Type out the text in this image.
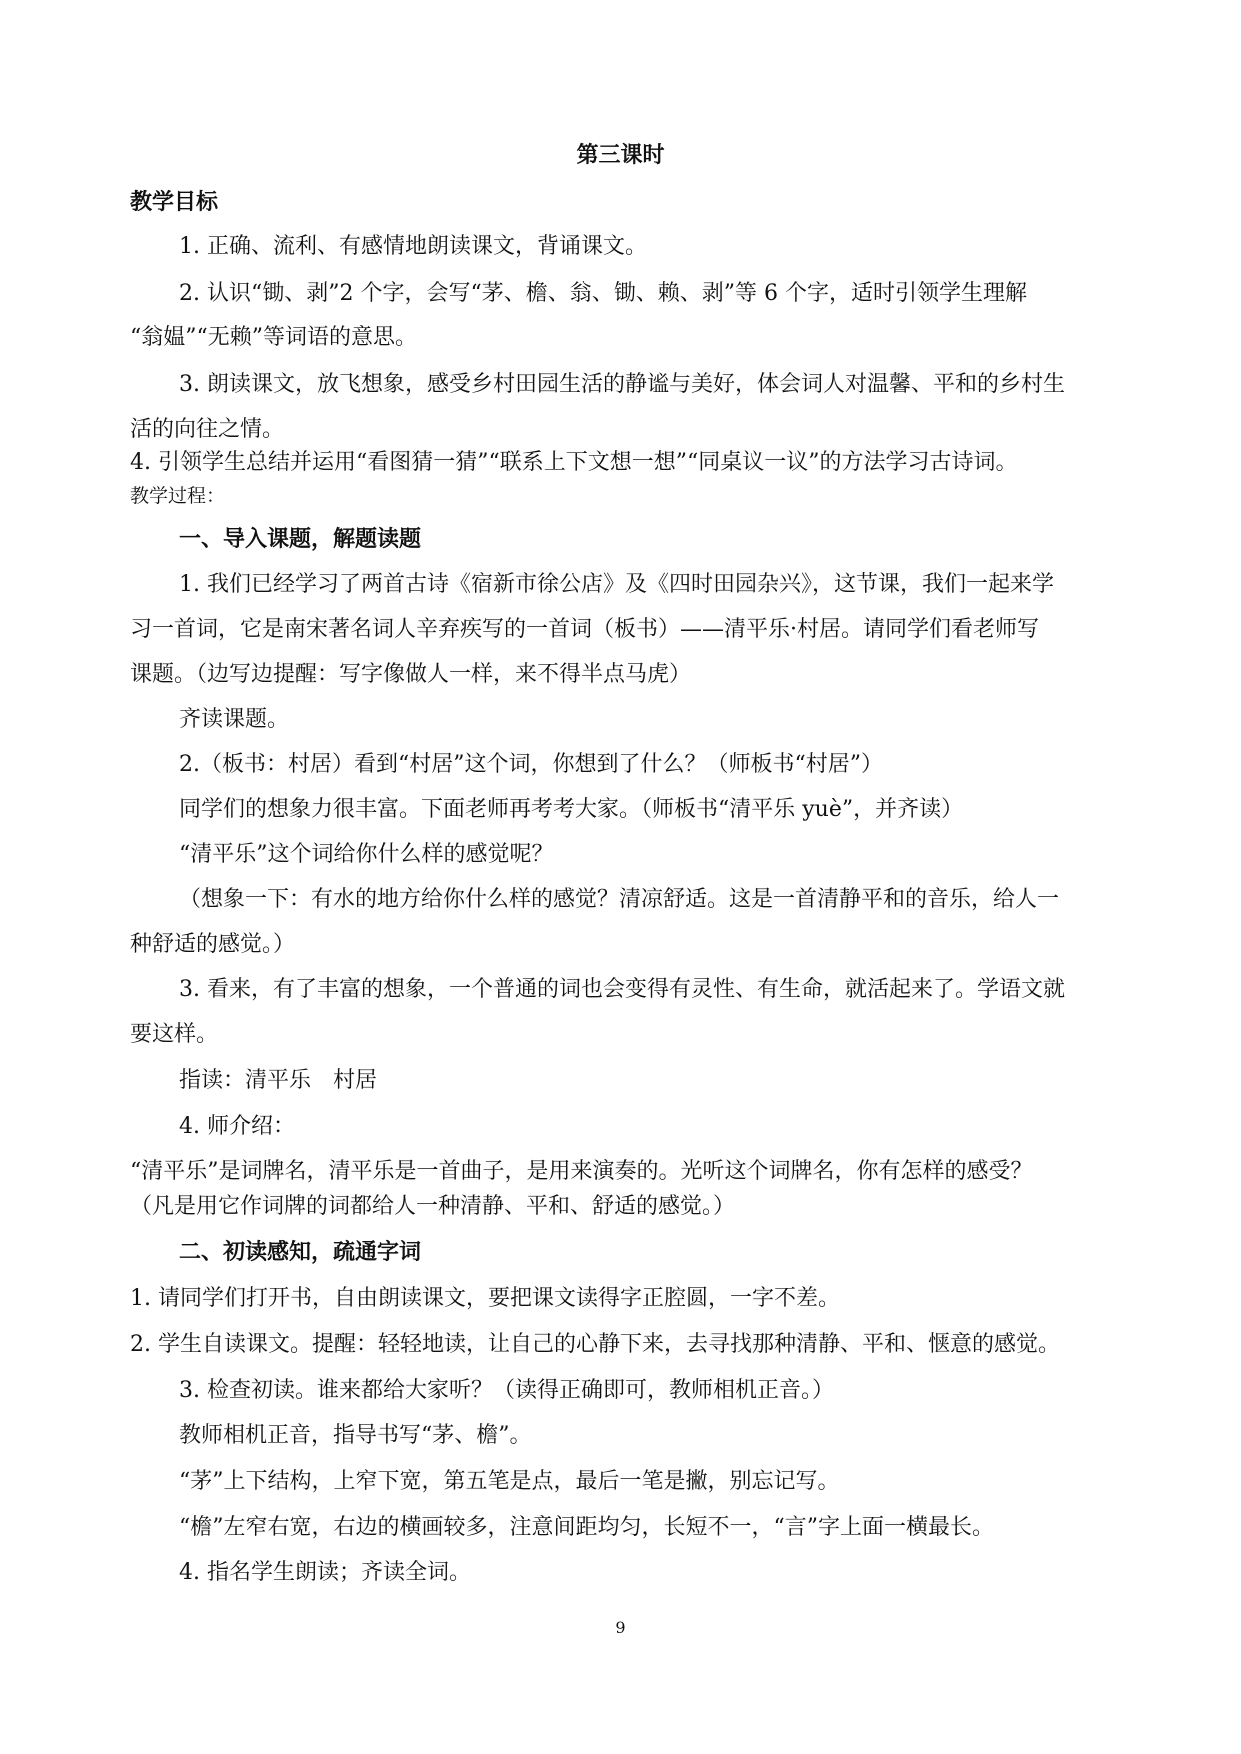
第三课时
教学目标
1. 正确、流利、有感情地朗读课文，背诵课文。
2. 认识“锄、剥”2 个字，会写“茅、檐、翁、锄、赖、剥”等 6 个字，适时引领学生理解
“翁媪”“无赖”等词语的意思。
3. 朗读课文，放飞想象，感受乡村田园生活的静谧与美好，体会词人对温馨、平和的乡村生
活的向往之情。
4. 引领学生总结并运用“看图猜一猜”“联系上下文想一想”“同桌议一议”的方法学习古诗词。
教学过程：
一、导入课题，解题读题
1. 我们已经学习了两首古诗《宿新市徐公店》及《四时田园杂兴》，这节课，我们一起来学
习一首词，它是南宋著名词人辛弃疾写的一首词（板书）——清平乐·村居。请同学们看老师写
课题。（边写边提醒：写字像做人一样，来不得半点马虎）
齐读课题。
2.（板书：村居）看到“村居”这个词，你想到了什么？（师板书“村居”）
同学们的想象力很丰富。下面老师再考考大家。（师板书“清平乐 yuè”，并齐读）
“清平乐”这个词给你什么样的感觉呢？
（想象一下：有水的地方给你什么样的感觉？清凉舒适。这是一首清静平和的音乐，给人一
种舒适的感觉。）
3. 看来，有了丰富的想象，一个普通的词也会变得有灵性、有生命，就活起来了。学语文就
要这样。
指读：清平乐　村居
4. 师介绍：
“清平乐”是词牌名，清平乐是一首曲子，是用来演奏的。光听这个词牌名，你有怎样的感受？
（凡是用它作词牌的词都给人一种清静、平和、舒适的感觉。）
二、初读感知，疏通字词
1. 请同学们打开书，自由朗读课文，要把课文读得字正腔圆，一字不差。
2. 学生自读课文。提醒：轻轻地读，让自己的心静下来，去寻找那种清静、平和、惬意的感觉。
3. 检查初读。谁来都给大家听？（读得正确即可，教师相机正音。）
教师相机正音，指导书写“茅、檐”。
“茅”上下结构，上窄下宽，第五笔是点，最后一笔是撇，别忘记写。
“檐”左窄右宽，右边的横画较多，注意间距均匀，长短不一，“言”字上面一横最长。
4. 指名学生朗读；齐读全词。
9
